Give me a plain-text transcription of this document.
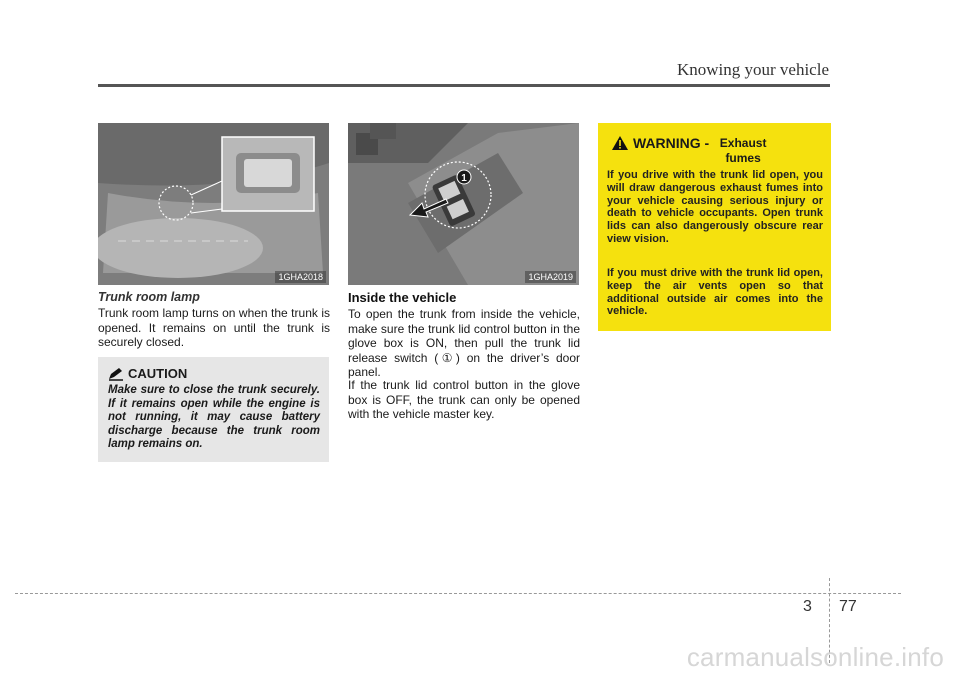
Knowing your vehicle
1GHA2018
1
1GHA2019
Trunk room lamp
Trunk room lamp turns on when the trunk is opened. It remains on until the trunk is securely closed.
CAUTION
Make sure to close the trunk securely. If it remains open while the engine is not running, it may cause battery discharge because the trunk room lamp remains on.
Inside the vehicle
To open the trunk from inside the vehicle, make sure the trunk lid control button in the glove box is ON, then pull the trunk lid release switch (①) on the driver’s door panel.
If the trunk lid control button in the glove box is OFF, the trunk can only be opened with the vehicle master key.
WARNING - Exhaust fumes
If you drive with the trunk lid open, you will draw dangerous exhaust fumes into your vehicle causing serious injury or death to vehicle occupants. Open trunk lids can also dangerously obscure rear view vision.
If you must drive with the trunk lid open, keep the air vents open so that additional outside air comes into the vehicle.
3 77
carmanualsonline.info
